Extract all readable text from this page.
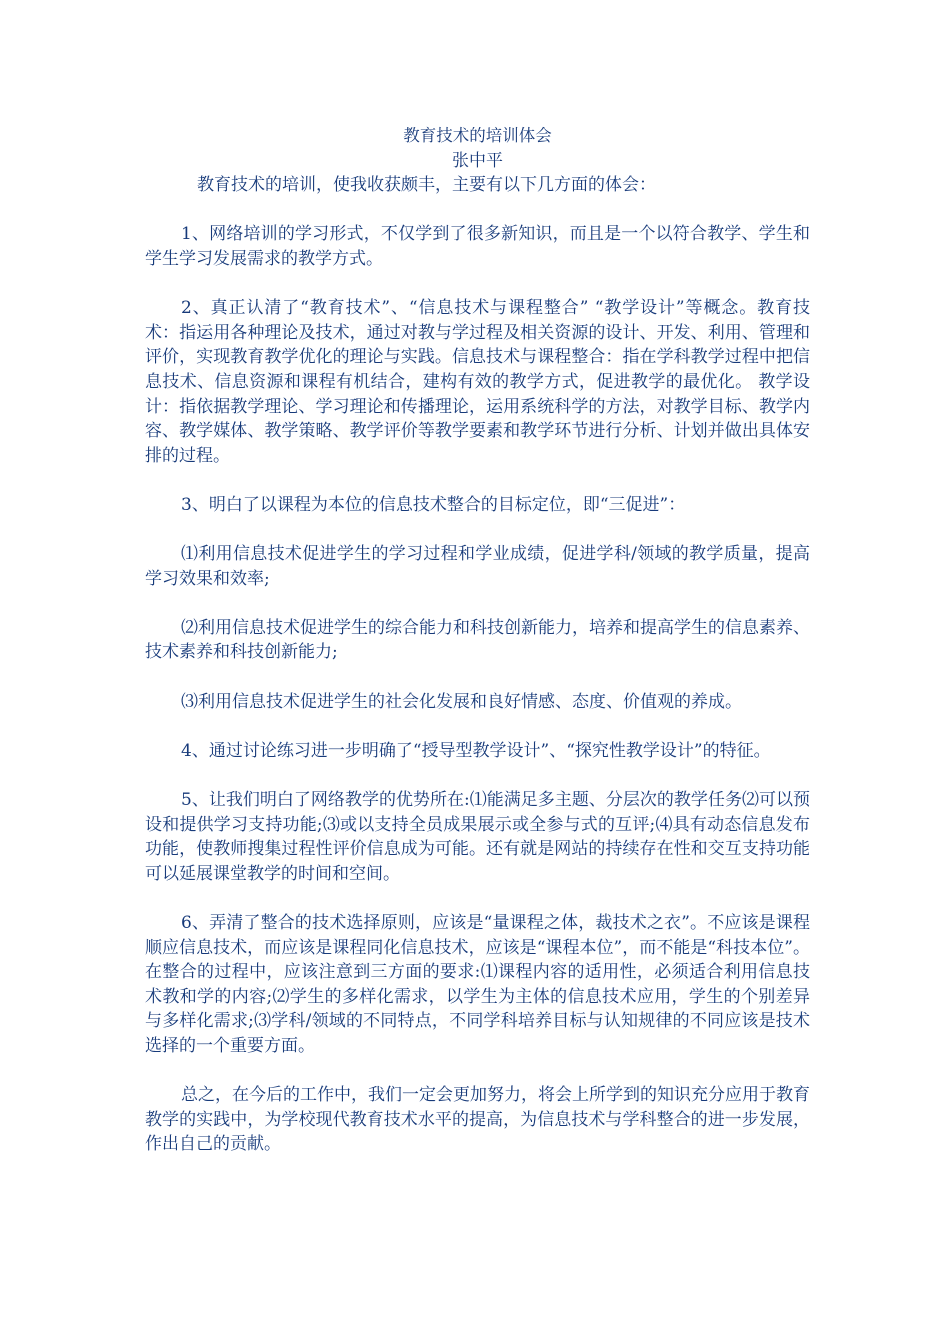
教育技术的培训体会

张中平

教育技术的培训，使我收获颇丰，主要有以下几方面的体会：

1、网络培训的学习形式，不仅学到了很多新知识，而且是一个以符合教学、学生和学生学习发展需求的教学方式。

2、真正认清了“教育技术”、“信息技术与课程整合” “教学设计”等概念。教育技术：指运用各种理论及技术，通过对教与学过程及相关资源的设计、开发、利用、管理和评价，实现教育教学优化的理论与实践。信息技术与课程整合：指在学科教学过程中把信息技术、信息资源和课程有机结合，建构有效的教学方式，促进教学的最优化。 教学设计：指依据教学理论、学习理论和传播理论，运用系统科学的方法，对教学目标、教学内容、教学媒体、教学策略、教学评价等教学要素和教学环节进行分析、计划并做出具体安排的过程。

3、明白了以课程为本位的信息技术整合的目标定位，即“三促进”：

⑴利用信息技术促进学生的学习过程和学业成绩，促进学科/领域的教学质量，提高学习效果和效率;

⑵利用信息技术促进学生的综合能力和科技创新能力，培养和提高学生的信息素养、技术素养和科技创新能力;

⑶利用信息技术促进学生的社会化发展和良好情感、态度、价值观的养成。

4、通过讨论练习进一步明确了“授导型教学设计”、“探究性教学设计”的特征。

5、让我们明白了网络教学的优势所在:⑴能满足多主题、分层次的教学任务⑵可以预设和提供学习支持功能;⑶或以支持全员成果展示或全参与式的互评;⑷具有动态信息发布功能，使教师搜集过程性评价信息成为可能。还有就是网站的持续存在性和交互支持功能可以延展课堂教学的时间和空间。

6、弄清了整合的技术选择原则，应该是“量课程之体，裁技术之衣”。不应该是课程顺应信息技术，而应该是课程同化信息技术，应该是“课程本位”，而不能是“科技本位”。在整合的过程中，应该注意到三方面的要求:⑴课程内容的适用性，必须适合利用信息技术教和学的内容;⑵学生的多样化需求，以学生为主体的信息技术应用，学生的个别差异与多样化需求;⑶学科/领域的不同特点，不同学科培养目标与认知规律的不同应该是技术选择的一个重要方面。

总之，在今后的工作中，我们一定会更加努力，将会上所学到的知识充分应用于教育教学的实践中，为学校现代教育技术水平的提高，为信息技术与学科整合的进一步发展，作出自己的贡献。
